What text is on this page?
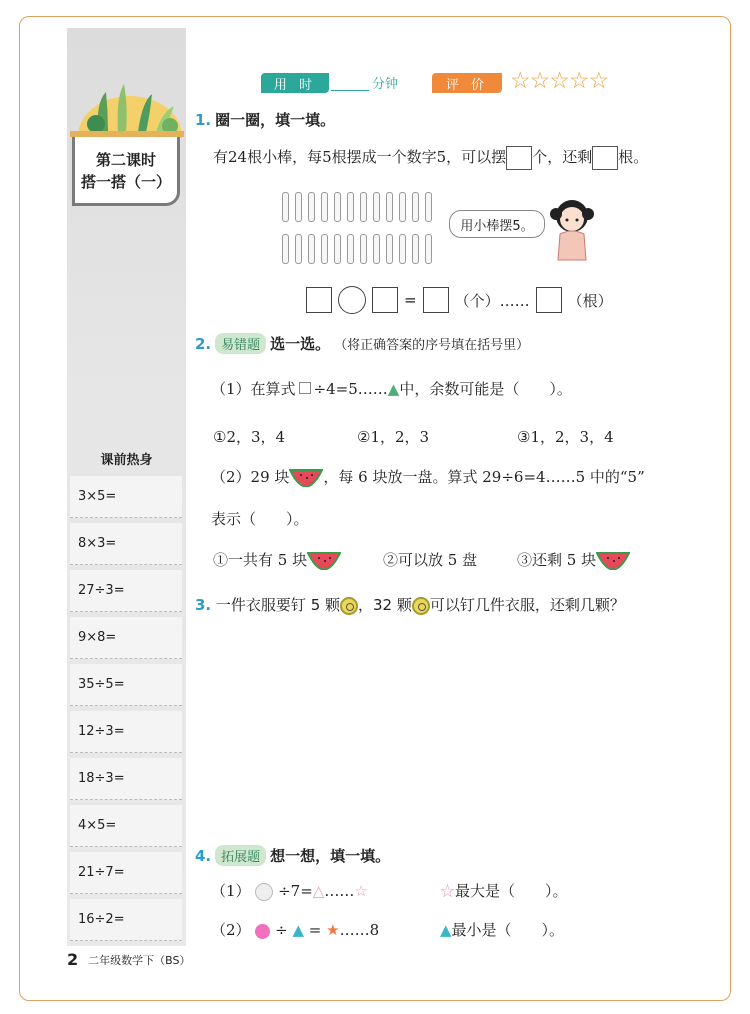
第二课时
搭一搭（一）
课前热身
3×5=
8×3=
27÷3=
9×8=
35÷5=
12÷3=
18÷3=
4×5=
21÷7=
16÷2=
2 二年级数学下（BS）
用 时	分钟	评 价 ☆☆☆☆☆
1. 圈一圈，填一填。
有24根小棒，每5根摆成一个数字5，可以摆 个，还剩 根。
用小棒摆5。
=	（个）……	（根）
2. 易错题 选一选。 （将正确答案的序号填在括号里）
（1）在算式 ÷4=5……▲中，余数可能是（　　）。
①2，3，4	②1，2，3	③1，2，3，4
（2）29 块 ，每 6 块放一盘。算式 29÷6=4……5 中的“5”
表示（　　）。
①一共有 5 块	②可以放 5 盘	③还剩 5 块
3. 一件衣服要钉 5 颗 ，32 颗 可以钉几件衣服，还剩几颗？
4. 拓展题 想一想，填一填。
（1） ÷7=△……☆	☆最大是（　　）。
（2） ÷ ▲ = ★……8	▲最小是（　　）。
